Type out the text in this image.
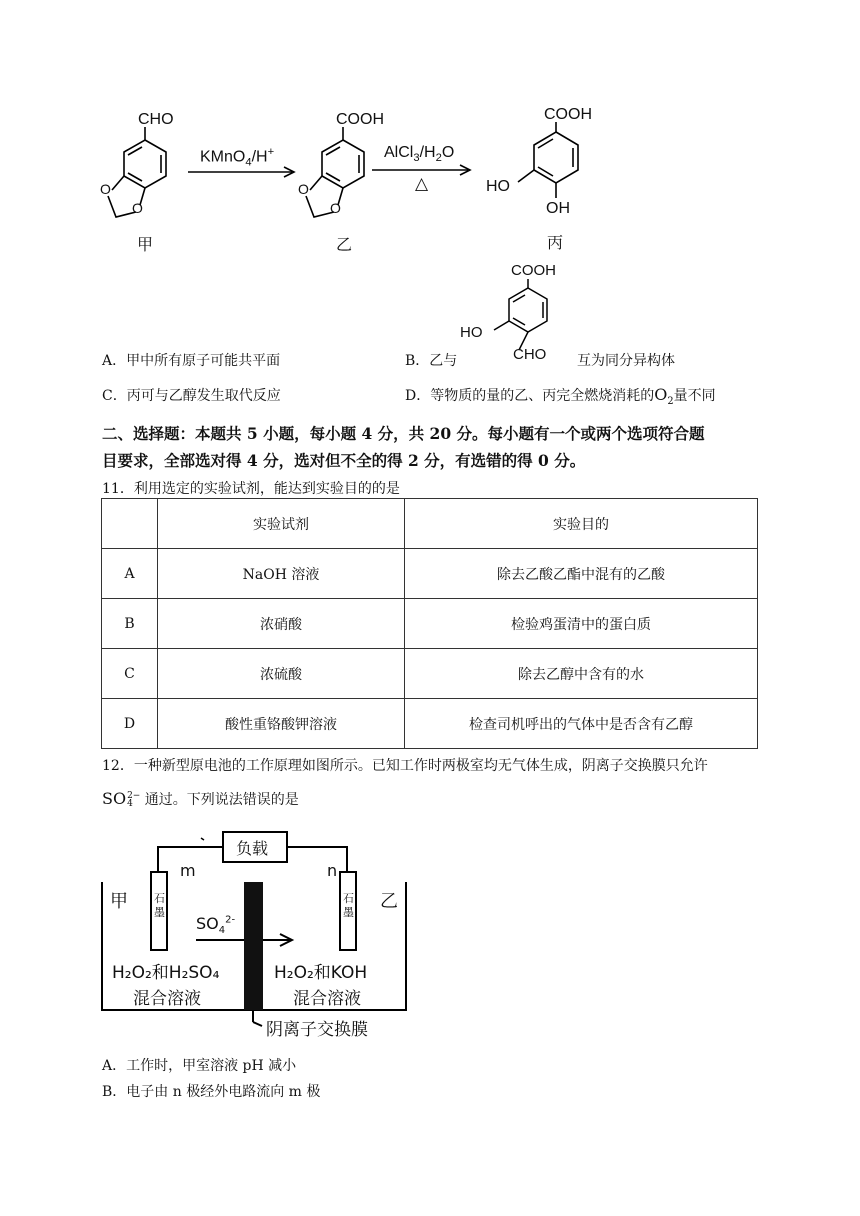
CHO
O
O
甲
KMnO$_4$/H+
COOH
O
O
乙
$AlCl_3/H_2O$
△
COOH
HO
OH
丙
COOH
HO
CHO
A．甲中所有原子可能共平面	B．乙与	互为同分异构体
C．丙可与乙醇发生取代反应	D．等物质的量的乙、丙完全燃烧消耗的$O_2$量不同
二、选择题：本题共 5 小题，每小题 4 分，共 20 分。每小题有一个或两个选项符合题
目要求，全部选对得 4 分，选对但不全的得 2 分，有选错的得 0 分。
11．利用选定的实验试剂，能达到实验目的的是
	实验试剂	实验目的
A	NaOH 溶液	除去乙酸乙酯中混有的乙酸
B	浓硝酸	检验鸡蛋清中的蛋白质
C	浓硫酸	除去乙醇中含有的水
D	酸性重铬酸钾溶液	检查司机呼出的气体中是否含有乙醇
12．一种新型原电池的工作原理如图所示。已知工作时两极室均无气体生成，阴离子交换膜只允许
SO 2−
4 通过。下列说法错误的是
负载
m	n
甲	乙
石墨
石墨
$SO_4^{2-}$
H₂O₂和H₂SO₄
混合溶液
H₂O₂和KOH
混合溶液
阴离子交换膜
A．工作时，甲室溶液 pH 减小
B．电子由 n 极经外电路流向 m 极
